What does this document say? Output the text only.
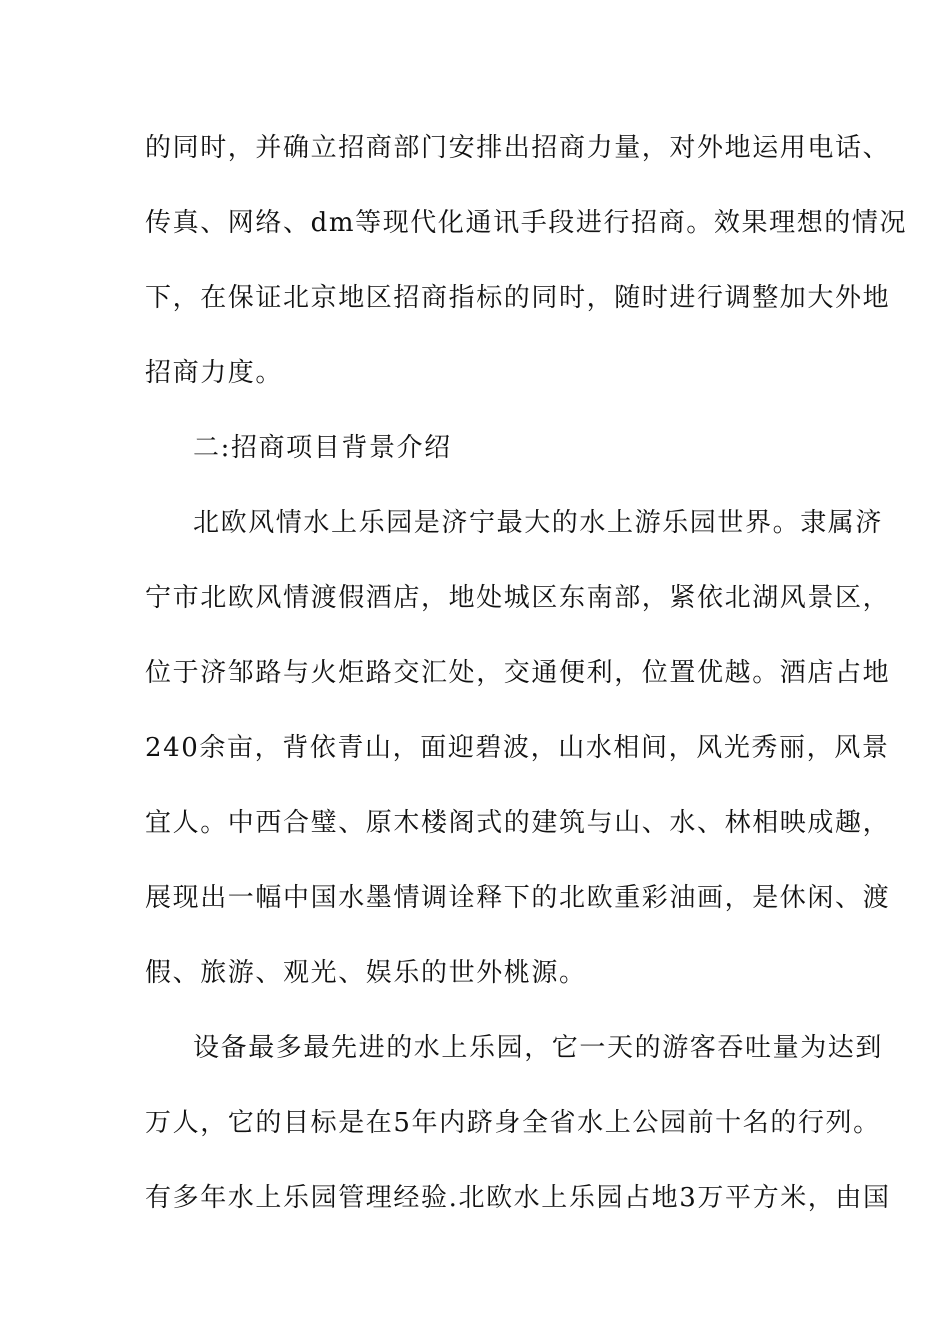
的同时，并确立招商部门安排出招商力量，对外地运用电话、
传真、网络、dm等现代化通讯手段进行招商。效果理想的情况
下，在保证北京地区招商指标的同时，随时进行调整加大外地
招商力度。
二:招商项目背景介绍
北欧风情水上乐园是济宁最大的水上游乐园世界。隶属济
宁市北欧风情渡假酒店，地处城区东南部，紧依北湖风景区，
位于济邹路与火炬路交汇处，交通便利，位置优越。酒店占地
240余亩，背依青山，面迎碧波，山水相间，风光秀丽，风景
宜人。中西合璧、原木楼阁式的建筑与山、水、林相映成趣，
展现出一幅中国水墨情调诠释下的北欧重彩油画，是休闲、渡
假、旅游、观光、娱乐的世外桃源。
设备最多最先进的水上乐园，它一天的游客吞吐量为达到
万人，它的目标是在5年内跻身全省水上公园前十名的行列。
有多年水上乐园管理经验.北欧水上乐园占地3万平方米，由国
